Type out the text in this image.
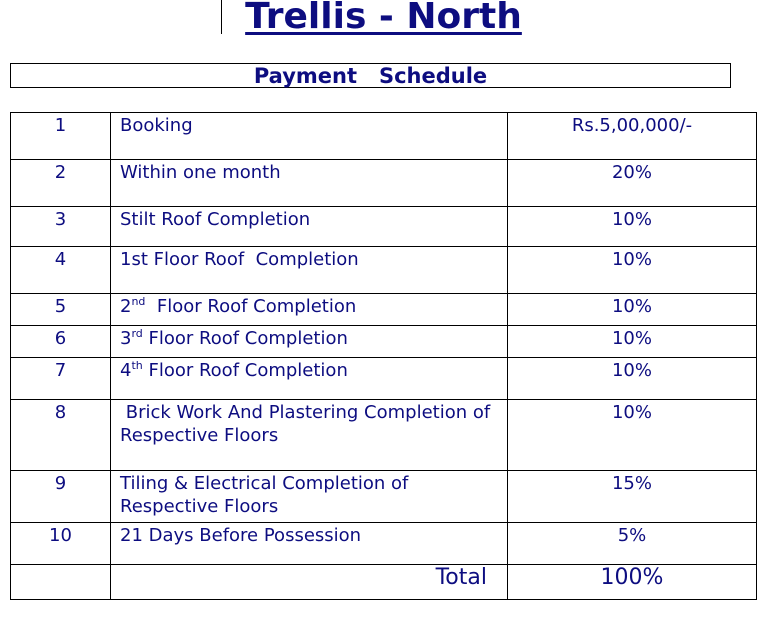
Trellis - North
Payment   Schedule
1	Booking	Rs.5,00,000/-
2	Within one month	20%
3	Stilt Roof Completion	10%
4	1st Floor Roof  Completion	10%
5	2nd  Floor Roof Completion	10%
6	3rd Floor Roof Completion	10%
7	4th Floor Roof Completion	10%
8	Brick Work And Plastering Completion of Respective Floors	10%
9	Tiling & Electrical Completion of Respective Floors	15%
10	21 Days Before Possession	5%
	Total	100%
